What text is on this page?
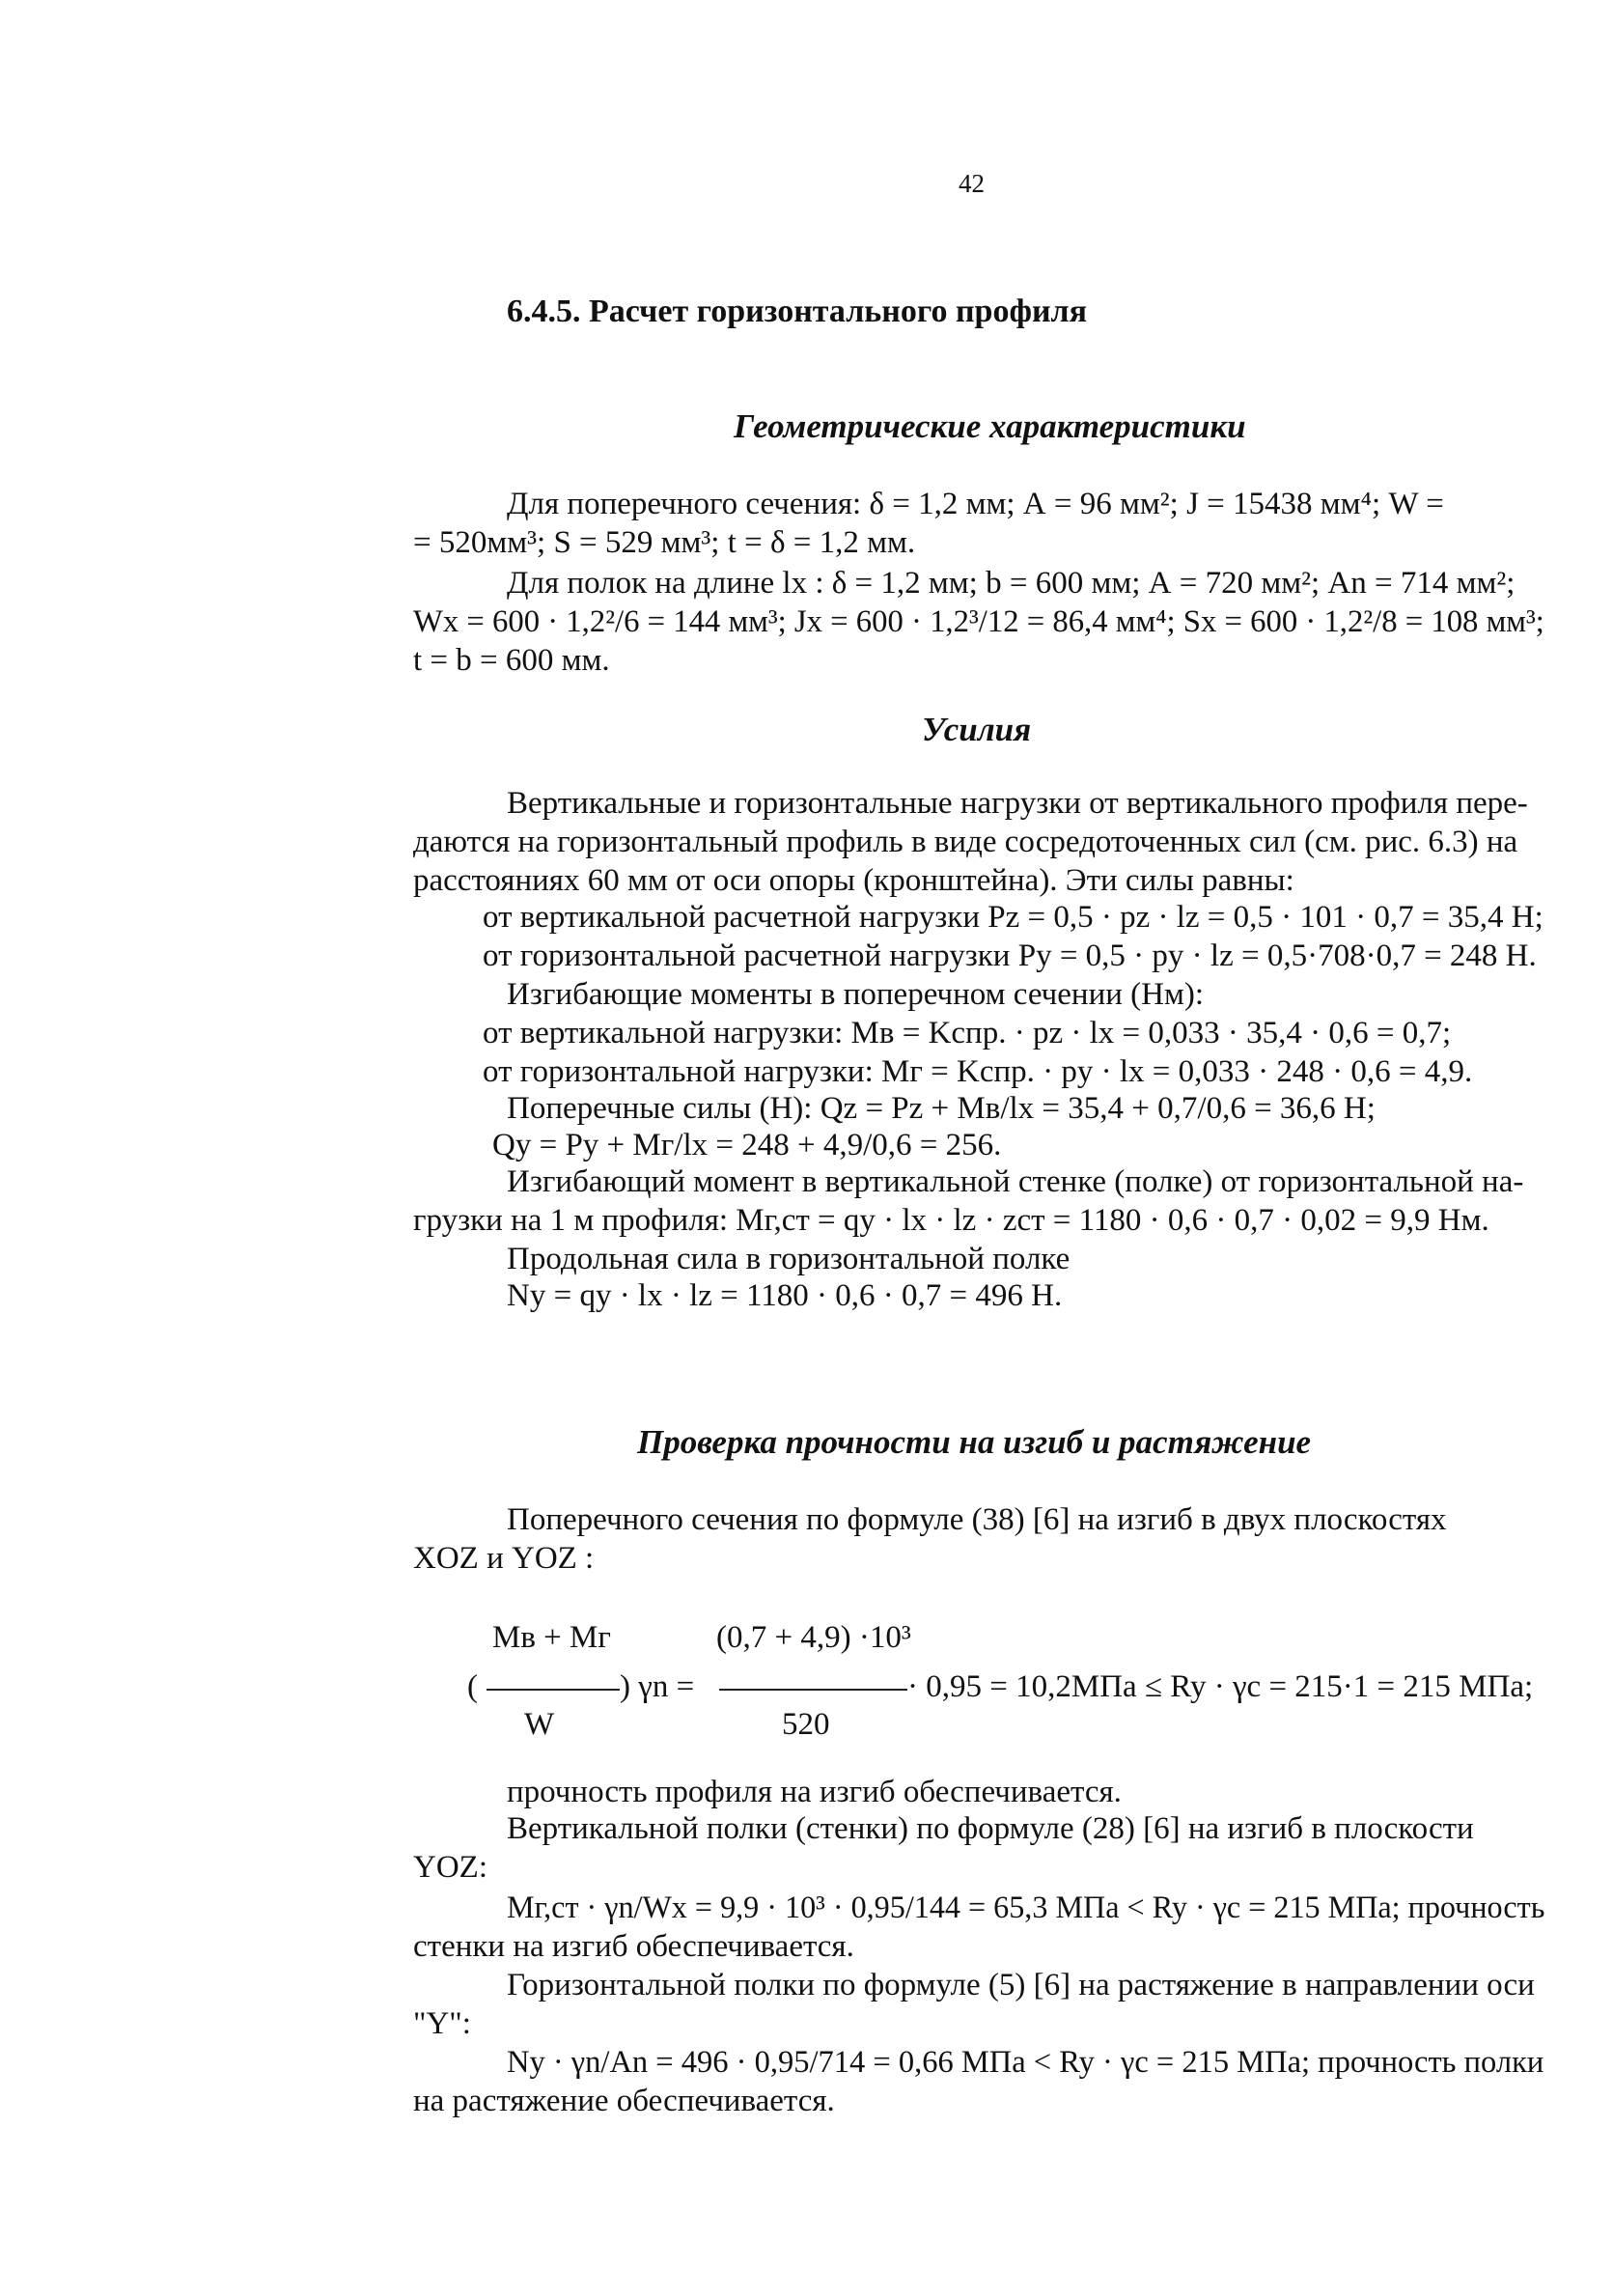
42
6.4.5. Расчет горизонтального профиля
Геометрические характеристики
Для поперечного сечения: δ = 1,2 мм; А = 96 мм²; J = 15438 мм⁴; W =
= 520мм³; S = 529 мм³; t = δ = 1,2 мм.
Для полок на длине lx : δ = 1,2 мм; b = 600 мм; А = 720 мм²; Аn = 714 мм²;
Wx = 600 · 1,2²/6 = 144 мм³; Jx = 600 · 1,2³/12 = 86,4 мм⁴; Sx = 600 · 1,2²/8 = 108 мм³;
t = b = 600 мм.
Усилия
Вертикальные и горизонтальные нагрузки от вертикального профиля пере-
даются на горизонтальный профиль в виде сосредоточенных сил (см. рис. 6.3) на
расстояниях 60 мм от оси опоры (кронштейна). Эти силы равны:
от вертикальной расчетной нагрузки Pz = 0,5 · pz · lz = 0,5 · 101 · 0,7 = 35,4 Н;
от горизонтальной расчетной нагрузки Py = 0,5 · py · lz = 0,5·708·0,7 = 248 Н.
Изгибающие моменты в поперечном сечении (Нм):
от вертикальной нагрузки: Мв = Kспр. · pz · lx = 0,033 · 35,4 · 0,6 = 0,7;
от горизонтальной нагрузки: Мг = Kспр. · py · lx = 0,033 · 248 · 0,6 = 4,9.
Поперечные силы (Н): Qz = Pz + Мв/lx = 35,4 + 0,7/0,6 = 36,6 Н;
Qy = Py + Мг/lx = 248 + 4,9/0,6 = 256.
Изгибающий момент в вертикальной стенке (полке) от горизонтальной на-
грузки на 1 м профиля: Мг,ст = qy · lx · lz · zст = 1180 · 0,6 · 0,7 · 0,02 = 9,9 Нм.
Продольная сила в горизонтальной полке
Ny = qy · lx · lz = 1180 · 0,6 · 0,7 = 496 Н.
Проверка прочности на изгиб и растяжение
Поперечного сечения по формуле (38) [6] на изгиб в двух плоскостях
XOZ и YOZ :
Мв + Мг
(	) γn =
W
(0,7 + 4,9) ·10³
520
· 0,95 = 10,2МПа ≤ Ry · γc = 215·1 = 215 МПа;
прочность профиля на изгиб обеспечивается.
Вертикальной полки (стенки) по формуле (28) [6] на изгиб в плоскости
YOZ:
Мг,ст · γn/Wx = 9,9 · 10³ · 0,95/144 = 65,3 МПа < Ry · γc = 215 МПа; прочность
стенки на изгиб обеспечивается.
Горизонтальной полки по формуле (5) [6] на растяжение в направлении оси
"Y":
Ny · γn/Аn = 496 · 0,95/714 = 0,66 МПа < Ry · γc = 215 МПа; прочность полки
на растяжение обеспечивается.
